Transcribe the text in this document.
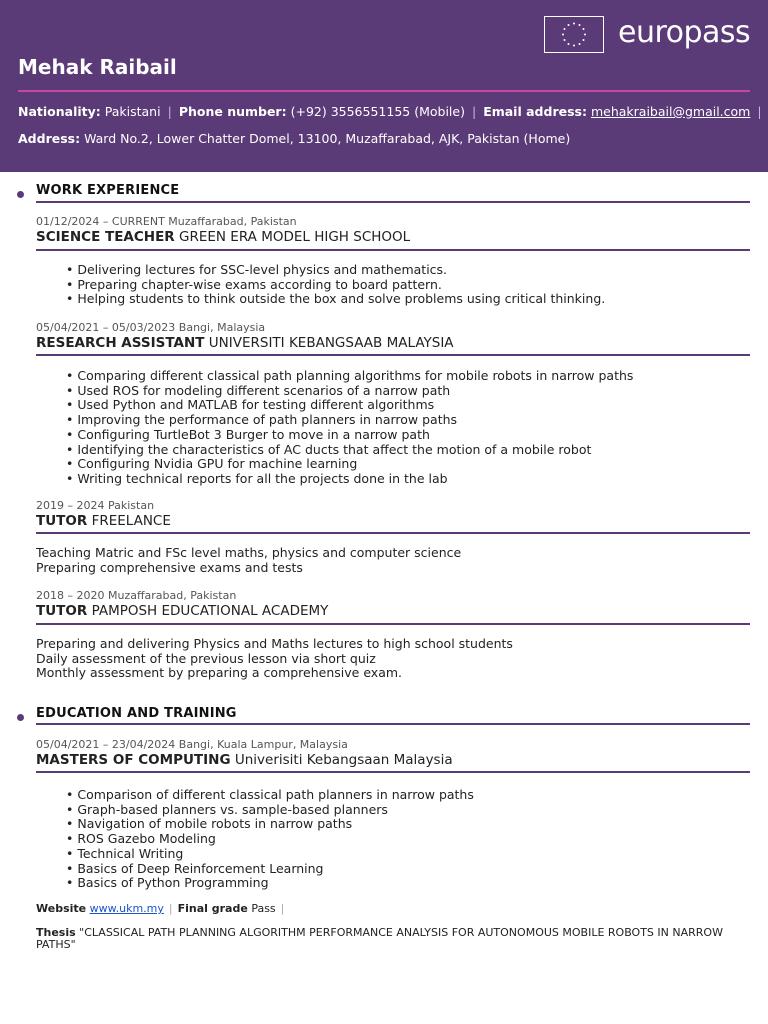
europass
Mehak Raibail
Nationality: Pakistani | Phone number: (+92) 3556551155 (Mobile) | Email address: mehakraibail@gmail.com |
Address: Ward No.2, Lower Chatter Domel, 13100, Muzaffarabad, AJK, Pakistan (Home)
WORK EXPERIENCE
01/12/2024 – CURRENT Muzaffarabad, Pakistan
SCIENCE TEACHER GREEN ERA MODEL HIGH SCHOOL
• Delivering lectures for SSC-level physics and mathematics.
• Preparing chapter-wise exams according to board pattern.
• Helping students to think outside the box and solve problems using critical thinking.
05/04/2021 – 05/03/2023 Bangi, Malaysia
RESEARCH ASSISTANT UNIVERSITI KEBANGSAAB MALAYSIA
• Comparing different classical path planning algorithms for mobile robots in narrow paths
• Used ROS for modeling different scenarios of a narrow path
• Used Python and MATLAB for testing different algorithms
• Improving the performance of path planners in narrow paths
• Configuring TurtleBot 3 Burger to move in a narrow path
• Identifying the characteristics of AC ducts that affect the motion of a mobile robot
• Configuring Nvidia GPU for machine learning
• Writing technical reports for all the projects done in the lab
2019 – 2024 Pakistan
TUTOR FREELANCE
Teaching Matric and FSc level maths, physics and computer science
Preparing comprehensive exams and tests
2018 – 2020 Muzaffarabad, Pakistan
TUTOR PAMPOSH EDUCATIONAL ACADEMY
Preparing and delivering Physics and Maths lectures to high school students
Daily assessment of the previous lesson via short quiz
Monthly assessment by preparing a comprehensive exam.
EDUCATION AND TRAINING
05/04/2021 – 23/04/2024 Bangi, Kuala Lampur, Malaysia
MASTERS OF COMPUTING Univerisiti Kebangsaan Malaysia
• Comparison of different classical path planners in narrow paths
• Graph-based planners vs. sample-based planners
• Navigation of mobile robots in narrow paths
• ROS Gazebo Modeling
• Technical Writing
• Basics of Deep Reinforcement Learning
• Basics of Python Programming
Website www.ukm.my | Final grade Pass |
Thesis "CLASSICAL PATH PLANNING ALGORITHM PERFORMANCE ANALYSIS FOR AUTONOMOUS MOBILE ROBOTS IN NARROW PATHS"
